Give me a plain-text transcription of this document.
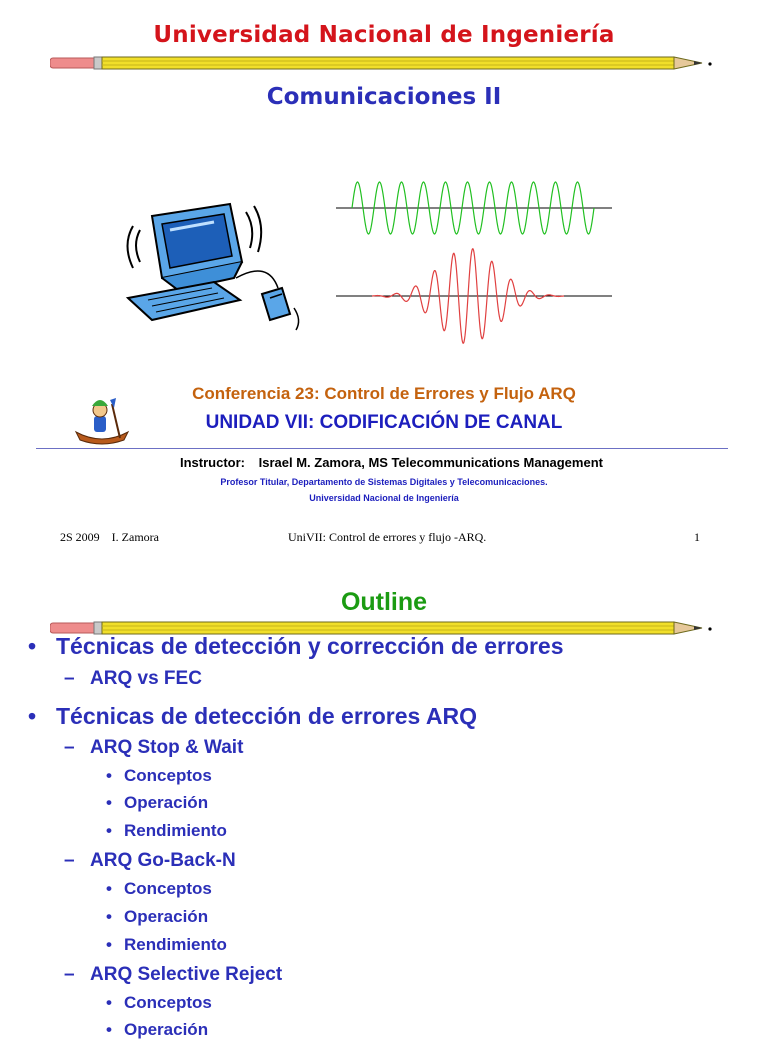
Universidad Nacional de Ingeniería
Comunicaciones II
Conferencia 23: Control de Errores y Flujo ARQ
UNIDAD VII: CODIFICACIÓN DE CANAL
Instructor: Israel M. Zamora, MS Telecommunications Management
Profesor Titular, Departamento de Sistemas Digitales y Telecomunicaciones.
Universidad Nacional de Ingeniería
2S 2009    I. Zamora	UniVII: Control de errores y flujo -ARQ.	1
Outline
• Técnicas de detección y corrección de errores
– ARQ vs FEC
• Técnicas de detección de errores ARQ
– ARQ Stop & Wait
• Conceptos
• Operación
• Rendimiento
– ARQ Go-Back-N
• Conceptos
• Operación
• Rendimiento
– ARQ Selective Reject
• Conceptos
• Operación
